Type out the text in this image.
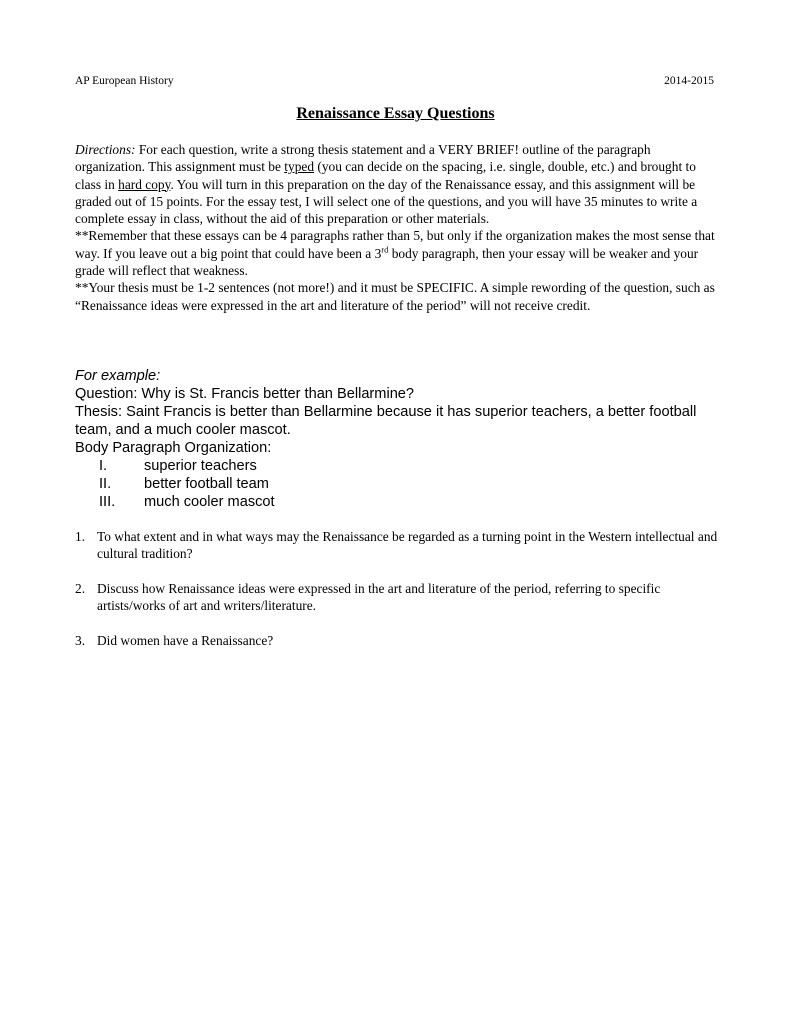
AP European History	2014-2015
Renaissance Essay Questions

Directions: For each question, write a strong thesis statement and a VERY BRIEF! outline of the paragraph organization. This assignment must be typed (you can decide on the spacing, i.e. single, double, etc.) and brought to class in hard copy. You will turn in this preparation on the day of the Renaissance essay, and this assignment will be graded out of 15 points. For the essay test, I will select one of the questions, and you will have 35 minutes to write a complete essay in class, without the aid of this preparation or other materials.

**Remember that these essays can be 4 paragraphs rather than 5, but only if the organization makes the most sense that way. If you leave out a big point that could have been a 3rd body paragraph, then your essay will be weaker and your grade will reflect that weakness.

**Your thesis must be 1-2 sentences (not more!) and it must be SPECIFIC. A simple rewording of the question, such as “Renaissance ideas were expressed in the art and literature of the period” will not receive credit.

For example:

Question: Why is St. Francis better than Bellarmine?

Thesis: Saint Francis is better than Bellarmine because it has superior teachers, a better football team, and a much cooler mascot.

Body Paragraph Organization:

I.	superior teachers
II.	better football team
III.	much cooler mascot
1. To what extent and in what ways may the Renaissance be regarded as a turning point in the Western intellectual and cultural tradition?
2. Discuss how Renaissance ideas were expressed in the art and literature of the period, referring to specific artists/works of art and writers/literature.
3. Did women have a Renaissance?
